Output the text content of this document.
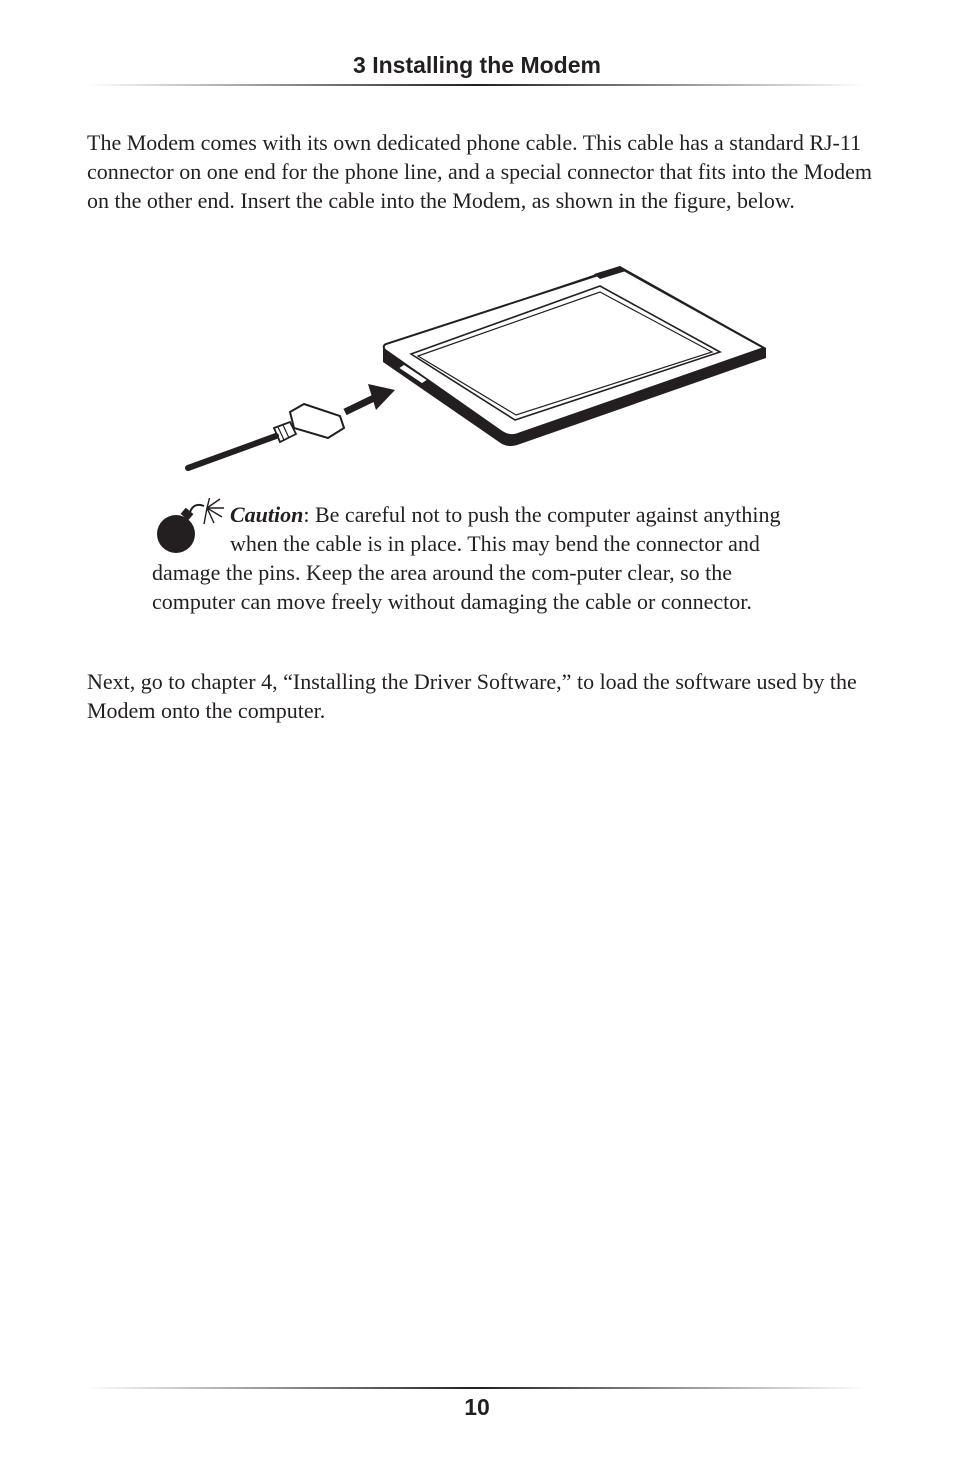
3 Installing the Modem

The Modem comes with its own dedicated phone cable. This cable has a standard RJ-11 connector on one end for the phone line, and a special connector that fits into the Modem on the other end. Insert the cable into the Modem, as shown in the figure, below.

Caution: Be careful not to push the computer against anything when the cable is in place. This may bend the connector and damage the pins. Keep the area around the com-puter clear, so the computer can move freely without damaging the cable or connector.

Next, go to chapter 4, “Installing the Driver Software,” to load the software used by the Modem onto the computer.

10
